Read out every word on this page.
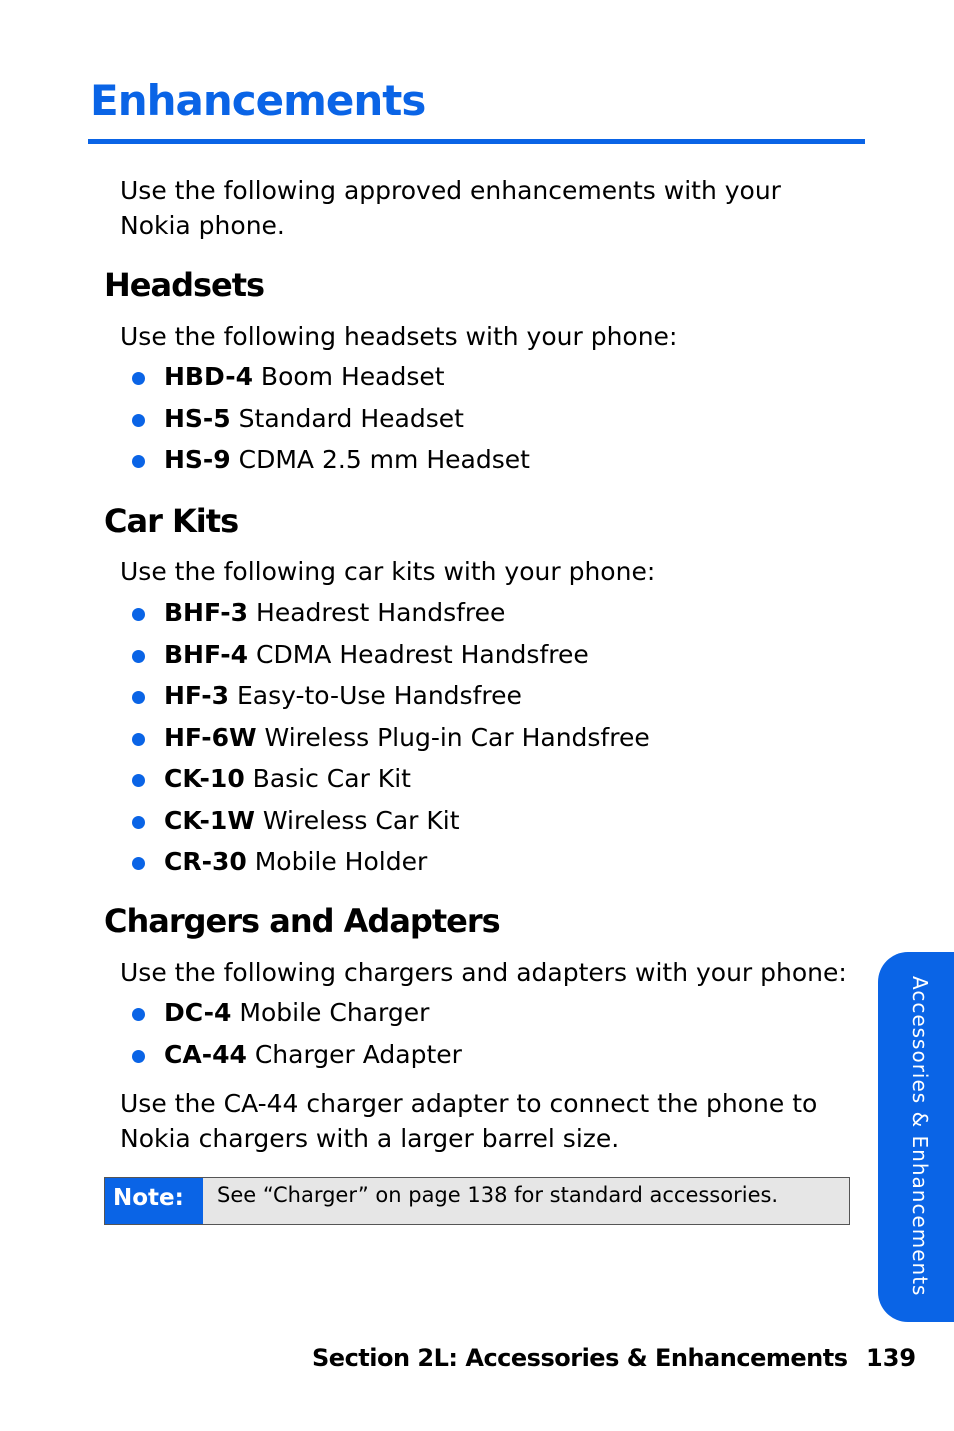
Enhancements

Use the following approved enhancements with your Nokia phone.

Headsets

Use the following headsets with your phone:

HBD-4 Boom Headset
HS-5 Standard Headset
HS-9 CDMA 2.5 mm Headset
Car Kits

Use the following car kits with your phone:

BHF-3 Headrest Handsfree
BHF-4 CDMA Headrest Handsfree
HF-3 Easy-to-Use Handsfree
HF-6W Wireless Plug-in Car Handsfree
CK-10 Basic Car Kit
CK-1W Wireless Car Kit
CR-30 Mobile Holder
Chargers and Adapters

Use the following chargers and adapters with your phone:

DC-4 Mobile Charger
CA-44 Charger Adapter

Use the CA-44 charger adapter to connect the phone to Nokia chargers with a larger barrel size.

Note:	See “Charger” on page 138 for standard accessories.	Accessories & Enhancements
Section 2L: Accessories & Enhancements 139
